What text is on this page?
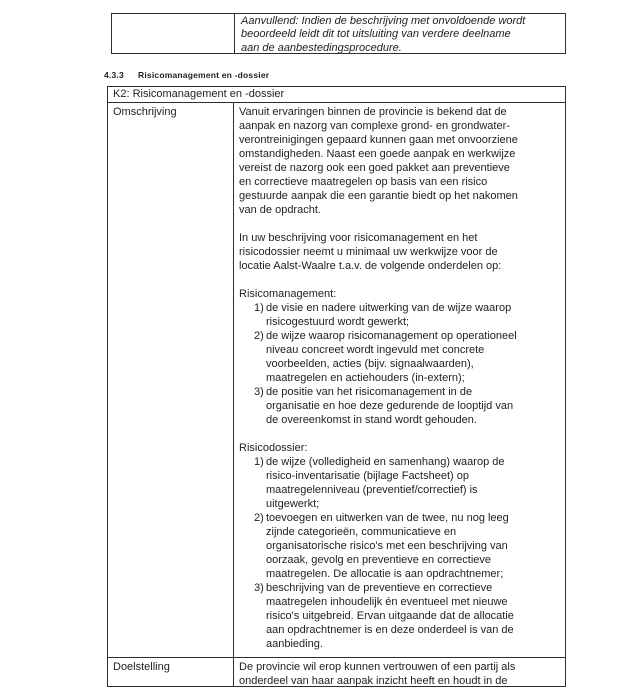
Aanvullend: Indien de beschrijving met onvoldoende wordt
beoordeeld leidt dit tot uitsluiting van verdere deelname
aan de aanbestedingsprocedure.
4.3.3 Risicomanagement en -dossier
K2: Risicomanagement en -dossier
Omschrijving	Vanuit ervaringen binnen de provincie is bekend dat de
aanpak en nazorg van complexe grond- en grondwater-
verontreinigingen gepaard kunnen gaan met onvoorziene
omstandigheden. Naast een goede aanpak en werkwijze
vereist de nazorg ook een goed pakket aan preventieve
en correctieve maatregelen op basis van een risico
gestuurde aanpak die een garantie biedt op het nakomen
van de opdracht.

In uw beschrijving voor risicomanagement en het
risicodossier neemt u minimaal uw werkwijze voor de
locatie Aalst-Waalre t.a.v. de volgende onderdelen op:

Risicomanagement:
1) de visie en nadere uitwerking van de wijze waarop
risicogestuurd wordt gewerkt;
2) de wijze waarop risicomanagement op operationeel
niveau concreet wordt ingevuld met concrete
voorbeelden, acties (bijv. signaalwaarden),
maatregelen en actiehouders (in-extern);
3) de positie van het risicomanagement in de
organisatie en hoe deze gedurende de looptijd van
de overeenkomst in stand wordt gehouden.

Risicodossier:
1) de wijze (volledigheid en samenhang) waarop de
risico-inventarisatie (bijlage Factsheet) op
maatregelenniveau (preventief/correctief) is
uitgewerkt;
2) toevoegen en uitwerken van de twee, nu nog leeg
zijnde categorieën, communicatieve en
organisatorische risico's met een beschrijving van
oorzaak, gevolg en preventieve en correctieve
maatregelen. De allocatie is aan opdrachtnemer;
3) beschrijving van de preventieve en correctieve
maatregelen inhoudelijk én eventueel met nieuwe
risico's uitgebreid. Ervan uitgaande dat de allocatie
aan opdrachtnemer is en deze onderdeel is van de
aanbieding.
Doelstelling	De provincie wil erop kunnen vertrouwen of een partij als
onderdeel van haar aanpak inzicht heeft en houdt in de
